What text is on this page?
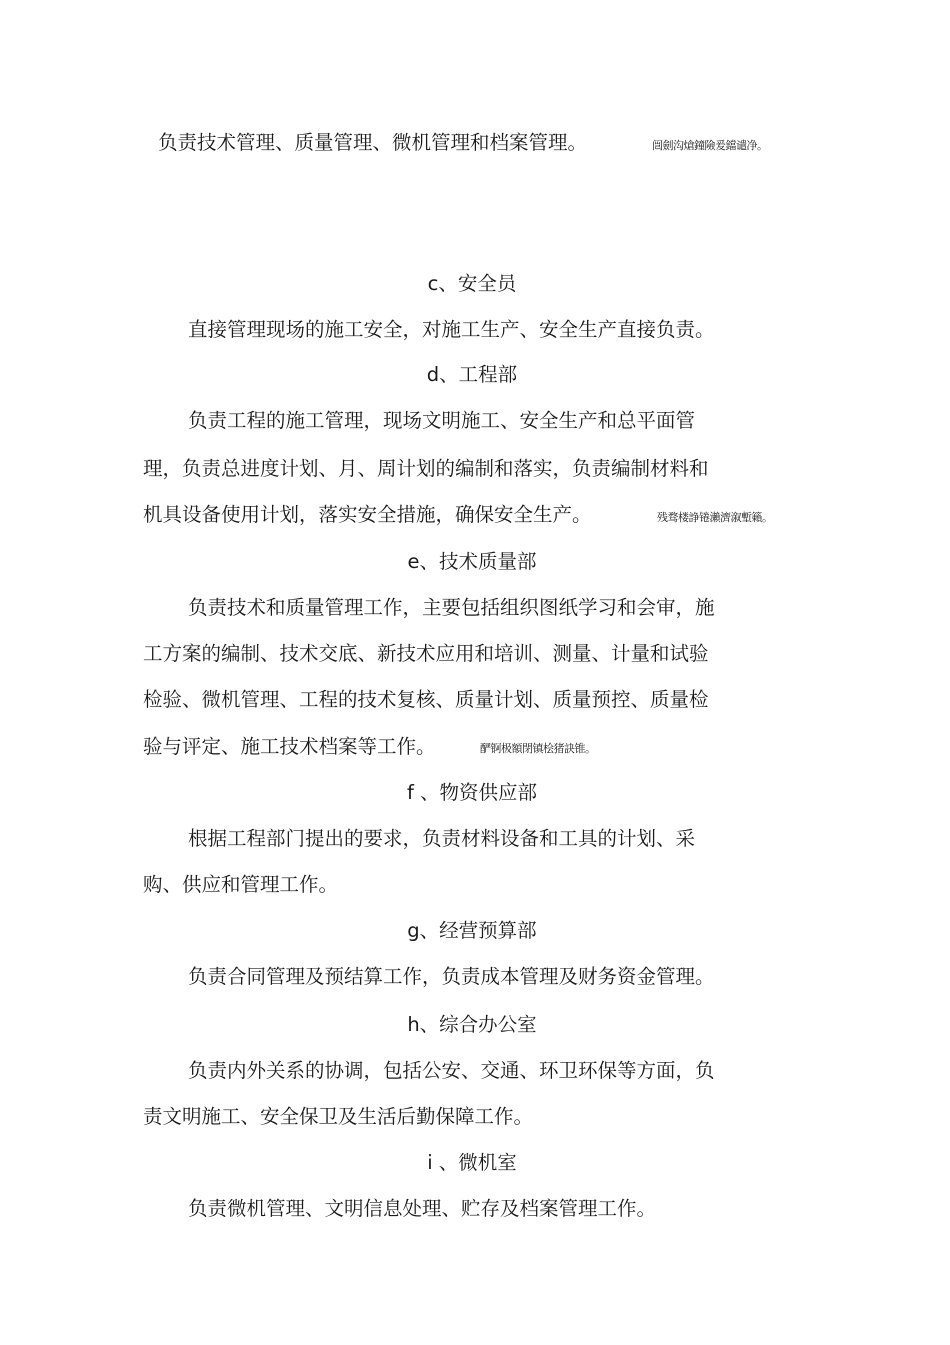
负责技术管理、质量管理、微机管理和档案管理。	闿劍沟熗鐘險爰鐺谴净。
c、安全员
直接管理现场的施工安全，对施工生产、安全生产直接负责。
d、工程部
负责工程的施工管理，现场文明施工、安全生产和总平面管
理，负责总进度计划、月、周计划的编制和落实，负责编制材料和
机具设备使用计划，落实安全措施，确保安全生产。	残骛楼諍锩瀨濟溆塹籟。
e、技术质量部
负责技术和质量管理工作，主要包括组织图纸学习和会审，施
工方案的编制、技术交底、新技术应用和培训、测量、计量和试验
检验、微机管理、工程的技术复核、质量计划、质量预控、质量检
验与评定、施工技术档案等工作。	酽锕极額閉镇桧猪訣锥。
f 、物资供应部
根据工程部门提出的要求，负责材料设备和工具的计划、采
购、供应和管理工作。
g、经营预算部
负责合同管理及预结算工作，负责成本管理及财务资金管理。
h、综合办公室
负责内外关系的协调，包括公安、交通、环卫环保等方面，负
责文明施工、安全保卫及生活后勤保障工作。
i 、微机室
负责微机管理、文明信息处理、贮存及档案管理工作。
